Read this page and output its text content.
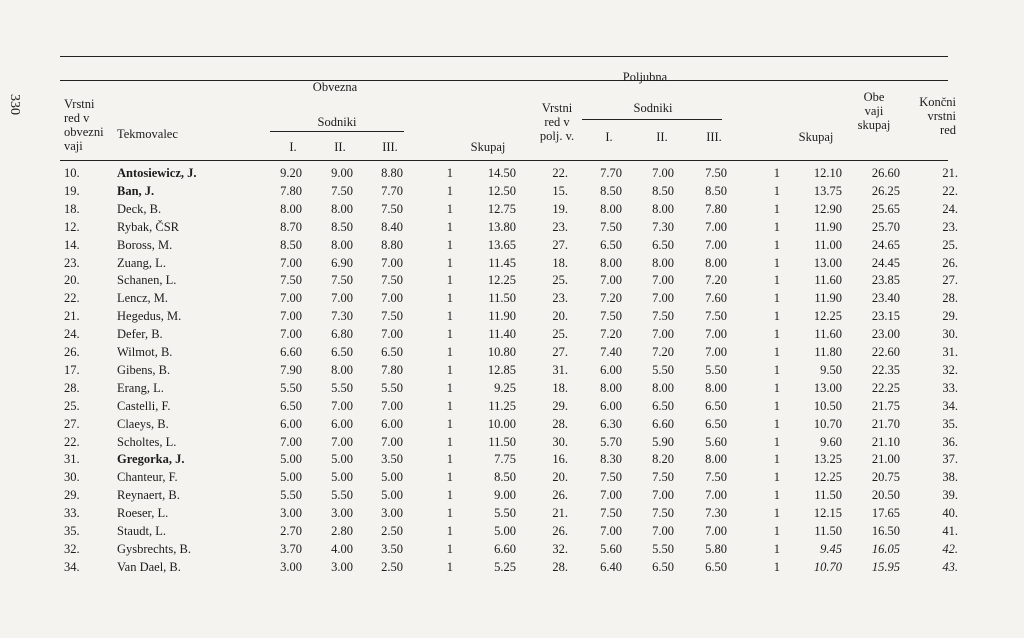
330	Vrstni
red v
obvezni
vaji
Tekmovalec
Obvezna
Poljubna
Sodniki
Sodniki
I.	II.	III.	Skupaj
Vrstni
red v
polj. v. I.	II.	III.	Skupaj
Obe
vaji
skupaj
Končni
vrstni
red
10.	Antosiewicz, J.	9.20 9.00 8.80	1	14.50	22.	7.70 7.00 7.50	1	12.10 26.60	21.
19.	Ban, J.	7.80 7.50 7.70	1	12.50	15.	8.50 8.50 8.50	1	13.75 26.25	22.
18.	Deck, B.	8.00 8.00 7.50	1	12.75	19.	8.00 8.00 7.80	1	12.90 25.65	24.
12.	Rybak, ČSR	8.70 8.50 8.40	1	13.80	23.	7.50 7.30 7.00	1	11.90 25.70	23.
14.	Boross, M.	8.50 8.00 8.80	1	13.65	27.	6.50 6.50 7.00	1	11.00 24.65	25.
23.	Zuang, L.	7.00 6.90 7.00	1	11.45	18.	8.00 8.00 8.00	1	13.00 24.45	26.
20.	Schanen, L.	7.50 7.50 7.50	1	12.25	25.	7.00 7.00 7.20	1	11.60 23.85	27.
22.	Lencz, M.	7.00 7.00 7.00	1	11.50	23.	7.20 7.00 7.60	1	11.90 23.40	28.
21.	Hegedus, M.	7.00 7.30 7.50	1	11.90	20.	7.50 7.50 7.50	1	12.25 23.15	29.
24.	Defer, B.	7.00 6.80 7.00	1	11.40	25.	7.20 7.00 7.00	1	11.60 23.00	30.
26.	Wilmot, B.	6.60 6.50 6.50	1	10.80	27.	7.40 7.20 7.00	1	11.80 22.60	31.
17.	Gibens, B.	7.90 8.00 7.80	1	12.85	31.	6.00 5.50 5.50	1	9.50 22.35	32.
28.	Erang, L.	5.50 5.50 5.50	1	9.25	18.	8.00 8.00 8.00	1	13.00 22.25	33.
25.	Castelli, F.	6.50 7.00 7.00	1	11.25	29.	6.00 6.50 6.50	1	10.50 21.75	34.
27.	Claeys, B.	6.00 6.00 6.00	1	10.00	28.	6.30 6.60 6.50	1	10.70 21.70	35.
22.	Scholtes, L.	7.00 7.00 7.00	1	11.50	30.	5.70 5.90 5.60	1	9.60 21.10	36.
31.	Gregorka, J.	5.00 5.00 3.50	1	7.75	16.	8.30 8.20 8.00	1	13.25 21.00	37.
30.	Chanteur, F.	5.00 5.00 5.00	1	8.50	20.	7.50 7.50 7.50	1	12.25 20.75	38.
29.	Reynaert, B.	5.50 5.50 5.00	1	9.00	26.	7.00 7.00 7.00	1	11.50 20.50	39.
33.	Roeser, L.	3.00 3.00 3.00	1	5.50	21.	7.50 7.50 7.30	1	12.15 17.65	40.
35.	Staudt, L.	2.70 2.80 2.50	1	5.00	26.	7.00 7.00 7.00	1	11.50 16.50	41.
32.	Gysbrechts, B.	3.70 4.00 3.50	1	6.60	32.	5.60 5.50 5.80	1	9.45 16.05	42.
34.	Van Dael, B.	3.00 3.00 2.50	1	5.25	28.	6.40 6.50 6.50	1	10.70 15.95	43.
